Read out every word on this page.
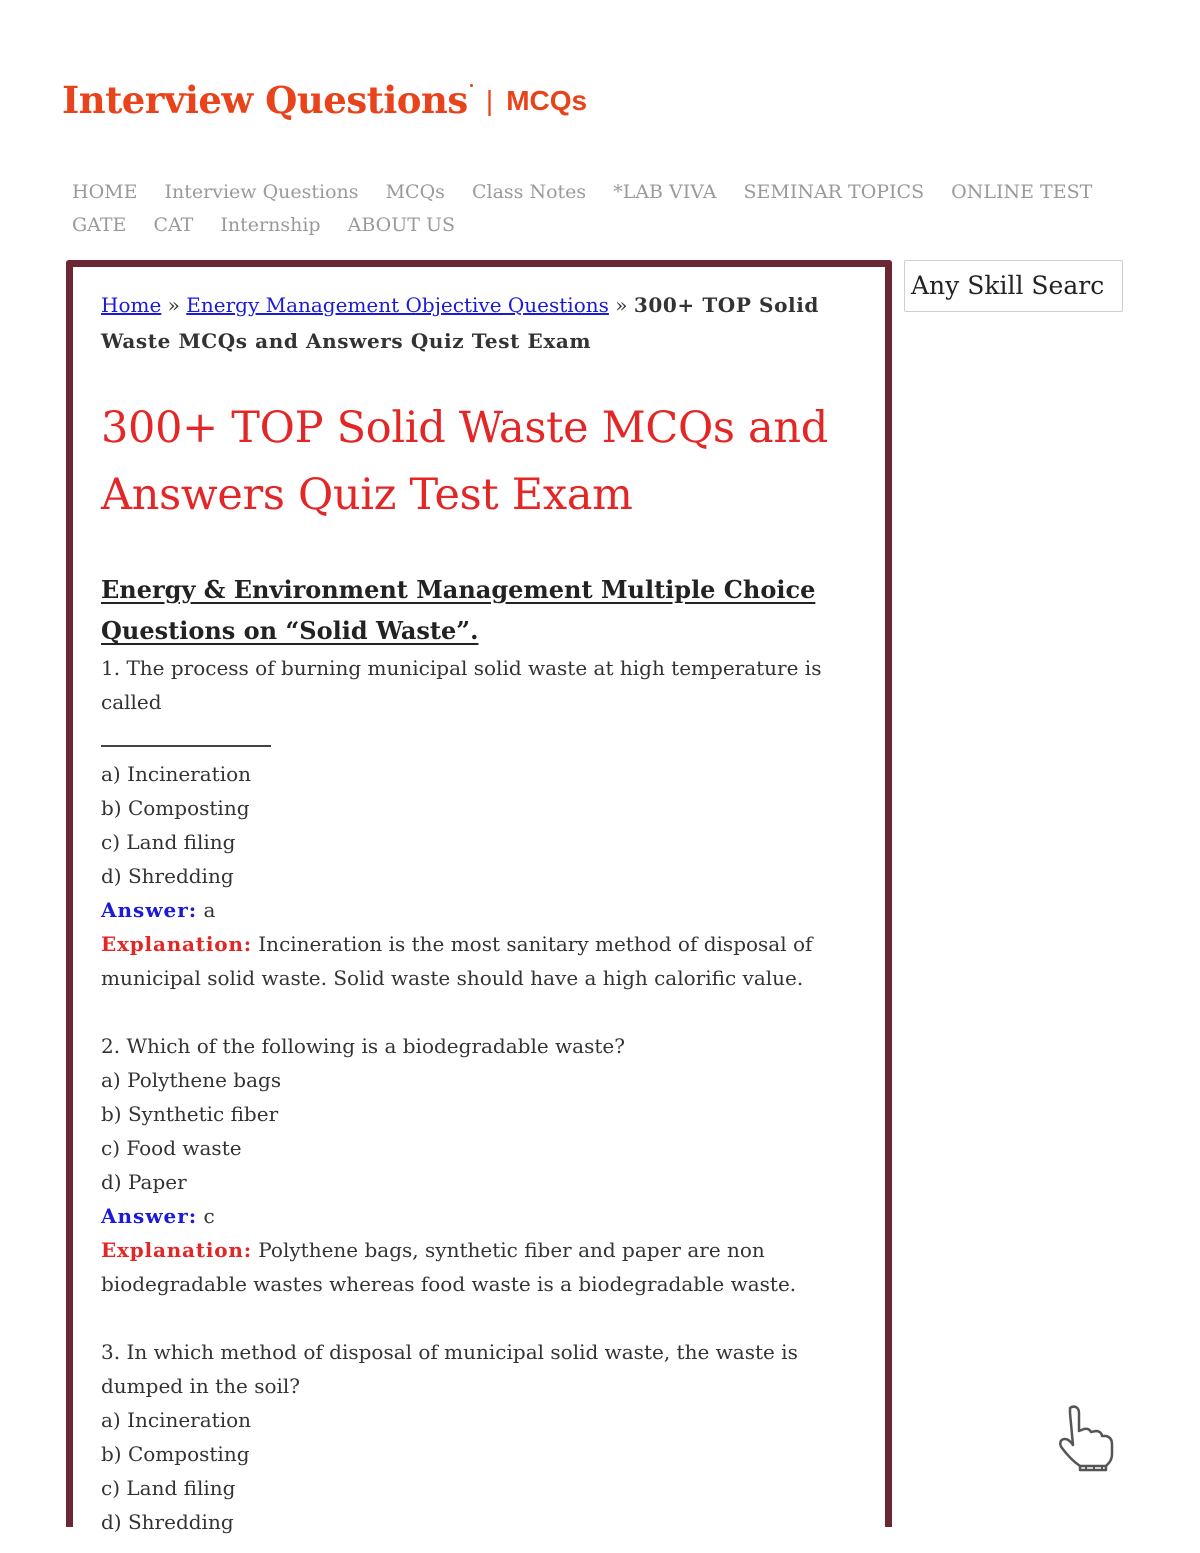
Interview Questions | MCQs
HOME Interview Questions MCQs Class Notes *LAB VIVA SEMINAR TOPICS ONLINE TEST GATE CAT Internship ABOUT US
Home » Energy Management Objective Questions » 300+ TOP Solid Waste MCQs and Answers Quiz Test Exam
300+ TOP Solid Waste MCQs and Answers Quiz Test Exam
Energy & Environment Management Multiple Choice Questions on “Solid Waste”.

1. The process of burning municipal solid waste at high temperature is called

a) Incineration

b) Composting

c) Land filing

d) Shredding

Answer: a

Explanation: Incineration is the most sanitary method of disposal of municipal solid waste. Solid waste should have a high calorific value.

2. Which of the following is a biodegradable waste?

a) Polythene bags

b) Synthetic fiber

c) Food waste

d) Paper

Answer: c

Explanation: Polythene bags, synthetic fiber and paper are non biodegradable wastes whereas food waste is a biodegradable waste.

3. In which method of disposal of municipal solid waste, the waste is dumped in the soil?

a) Incineration

b) Composting

c) Land filing

d) Shredding

Any Skill Searc
